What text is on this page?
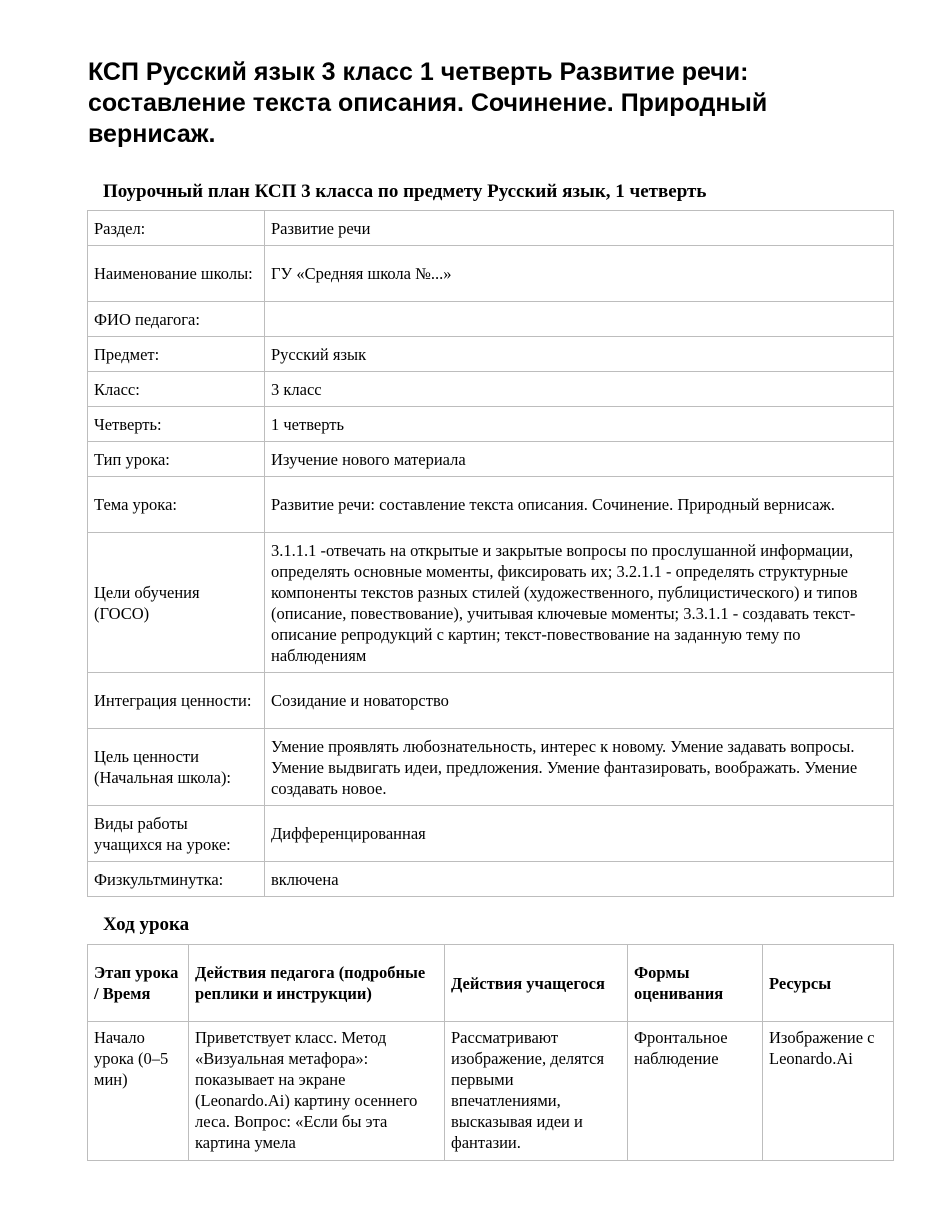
КСП Русский язык 3 класс 1 четверть Развитие речи: составление текста описания. Сочинение. Природный вернисаж.
Поурочный план КСП 3 класса по предмету Русский язык, 1 четверть
Раздел:	Развитие речи
Наименование школы:	ГУ «Средняя школа №...»
ФИО педагога:	
Предмет:	Русский язык
Класс:	3 класс
Четверть:	1 четверть
Тип урока:	Изучение нового материала
Тема урока:	Развитие речи: составление текста описания. Сочинение. Природный вернисаж.
Цели обучения (ГОСО)	3.1.1.1 -отвечать на открытые и закрытые вопросы по прослушанной информации, определять основные моменты, фиксировать их; 3.2.1.1 - определять структурные компоненты текстов разных стилей (художественного, публицистического) и типов (описание, повествование), учитывая ключевые моменты; 3.3.1.1 - создавать текст-описание репродукций с картин; текст-повествование на заданную тему по наблюдениям
Интеграция ценности:	Созидание и новаторство
Цель ценности (Начальная школа):	Умение проявлять любознательность, интерес к новому. Умение задавать вопросы. Умение выдвигать идеи, предложения. Умение фантазировать, воображать. Умение создавать новое.
Виды работы учащихся на уроке:	Дифференцированная
Физкультминутка:	включена
Ход урока
Этап урока / Время	Действия педагога (подробные реплики и инструкции)	Действия учащегося	Формы оценивания	Ресурсы
Начало урока (0–5 мин)	Приветствует класс. Метод «Визуальная метафора»: показывает на экране (Leonardo.Ai) картину осеннего леса. Вопрос: «Если бы эта картина умела	Рассматривают изображение, делятся первыми впечатлениями, высказывая идеи и фантазии.	Фронтальное наблюдение	Изображение с Leonardo.Ai
